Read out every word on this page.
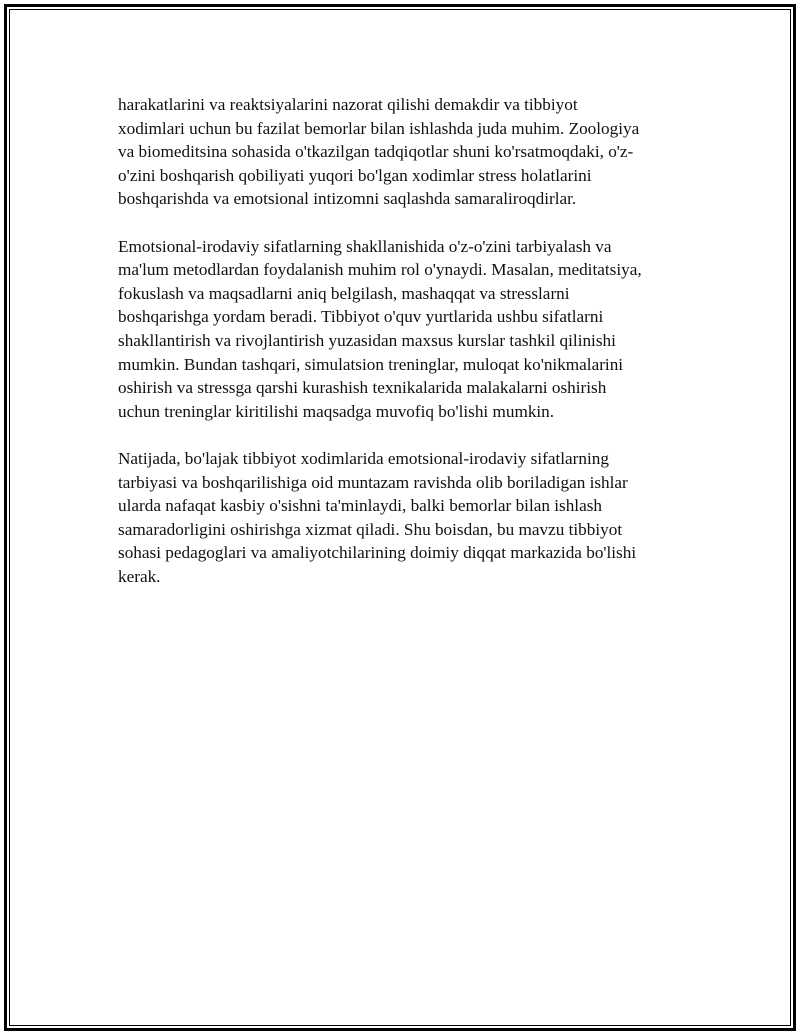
harakatlarini va reaktsiyalarini nazorat qilishi demakdir va tibbiyot
xodimlari uchun bu fazilat bemorlar bilan ishlashda juda muhim. Zoologiya
va biomeditsina sohasida o'tkazilgan tadqiqotlar shuni ko'rsatmoqdaki, o'z-
o'zini boshqarish qobiliyati yuqori bo'lgan xodimlar stress holatlarini
boshqarishda va emotsional intizomni saqlashda samaraliroqdirlar.

Emotsional-irodaviy sifatlarning shakllanishida o'z-o'zini tarbiyalash va
ma'lum metodlardan foydalanish muhim rol o'ynaydi. Masalan, meditatsiya,
fokuslash va maqsadlarni aniq belgilash, mashaqqat va stresslarni
boshqarishga yordam beradi. Tibbiyot o'quv yurtlarida ushbu sifatlarni
shakllantirish va rivojlantirish yuzasidan maxsus kurslar tashkil qilinishi
mumkin. Bundan tashqari, simulatsion treninglar, muloqat ko'nikmalarini
oshirish va stressga qarshi kurashish texnikalarida malakalarni oshirish
uchun treninglar kiritilishi maqsadga muvofiq bo'lishi mumkin.

Natijada, bo'lajak tibbiyot xodimlarida emotsional-irodaviy sifatlarning
tarbiyasi va boshqarilishiga oid muntazam ravishda olib boriladigan ishlar
ularda nafaqat kasbiy o'sishni ta'minlaydi, balki bemorlar bilan ishlash
samaradorligini oshirishga xizmat qiladi. Shu boisdan, bu mavzu tibbiyot
sohasi pedagoglari va amaliyotchilarining doimiy diqqat markazida bo'lishi
kerak.
